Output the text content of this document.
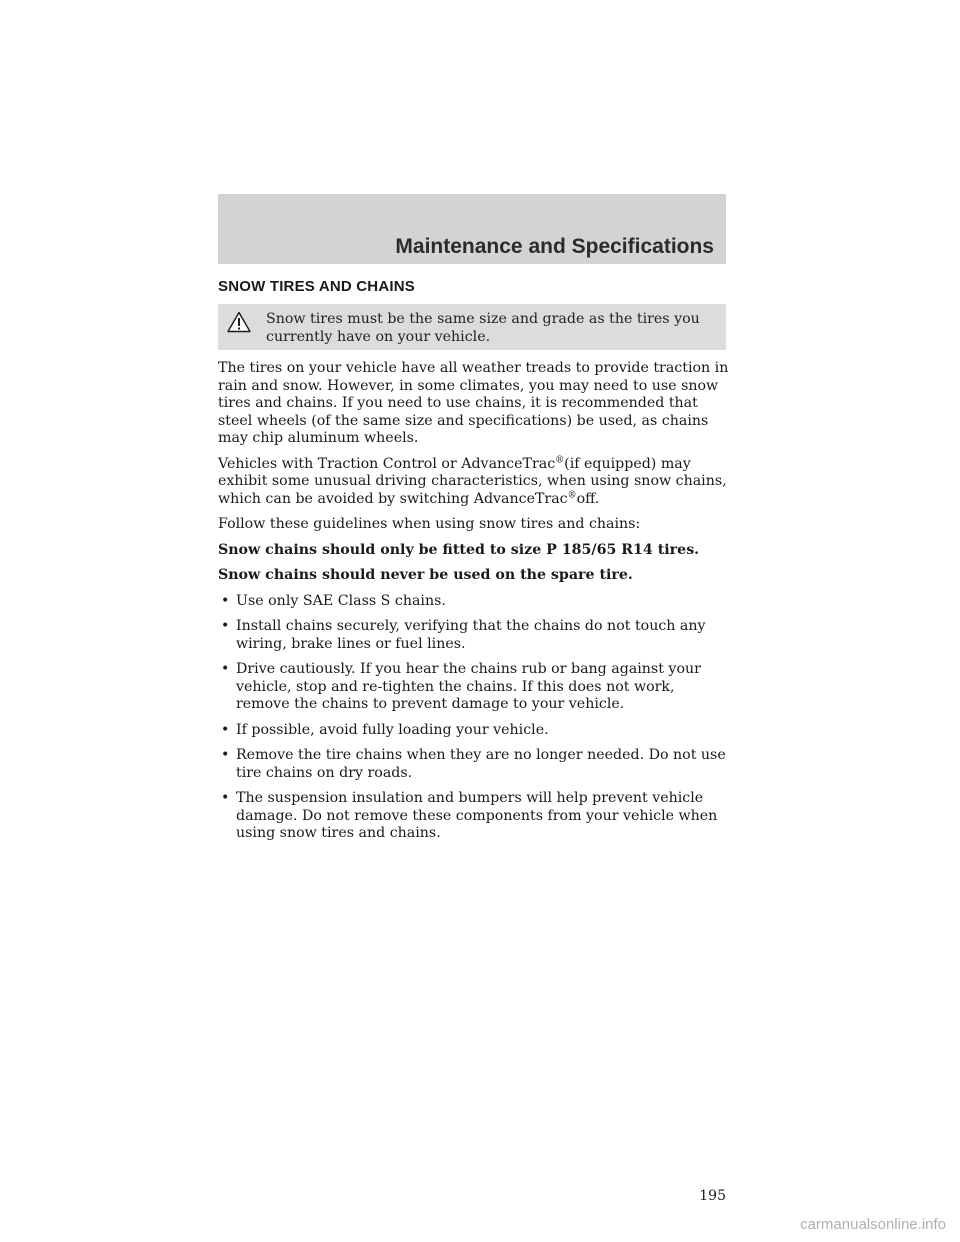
Maintenance and Specifications
SNOW TIRES AND CHAINS
Snow tires must be the same size and grade as the tires you currently have on your vehicle.

The tires on your vehicle have all weather treads to provide traction in rain and snow. However, in some climates, you may need to use snow tires and chains. If you need to use chains, it is recommended that steel wheels (of the same size and specifications) be used, as chains may chip aluminum wheels.

Vehicles with Traction Control or AdvanceTrac®(if equipped) may exhibit some unusual driving characteristics, when using snow chains, which can be avoided by switching AdvanceTrac®off.

Follow these guidelines when using snow tires and chains:

Snow chains should only be fitted to size P 185/65 R14 tires.

Snow chains should never be used on the spare tire.

• Use only SAE Class S chains.
• Install chains securely, verifying that the chains do not touch any wiring, brake lines or fuel lines.
• Drive cautiously. If you hear the chains rub or bang against your vehicle, stop and re-tighten the chains. If this does not work, remove the chains to prevent damage to your vehicle.
• If possible, avoid fully loading your vehicle.
• Remove the tire chains when they are no longer needed. Do not use tire chains on dry roads.
• The suspension insulation and bumpers will help prevent vehicle damage. Do not remove these components from your vehicle when using snow tires and chains.
195
carmanualsonline.info
